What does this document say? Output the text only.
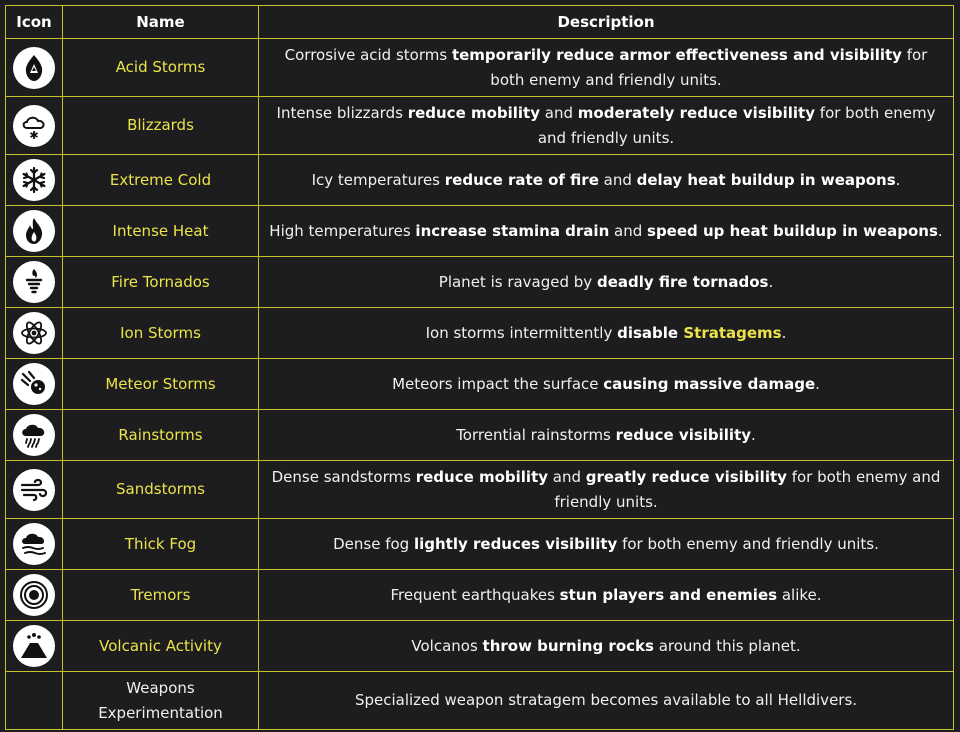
Icon	Name	Description

	Acid Storms	Corrosive acid storms temporarily reduce armor effectiveness and visibility for both enemy and friendly units.

	Blizzards	Intense blizzards reduce mobility and moderately reduce visibility for both enemy and friendly units.

	Extreme Cold	Icy temperatures reduce rate of fire and delay heat buildup in weapons.

	Intense Heat	High temperatures increase stamina drain and speed up heat buildup in weapons.

	Fire Tornados	Planet is ravaged by deadly fire tornados.

	Ion Storms	Ion storms intermittently disable Stratagems.

	Meteor Storms	Meteors impact the surface causing massive damage.

	Rainstorms	Torrential rainstorms reduce visibility.

	Sandstorms	Dense sandstorms reduce mobility and greatly reduce visibility for both enemy and friendly units.

	Thick Fog	Dense fog lightly reduces visibility for both enemy and friendly units.

	Tremors	Frequent earthquakes stun players and enemies alike.

	Volcanic Activity	Volcanos throw burning rocks around this planet.
	Weapons Experimentation	Specialized weapon stratagem becomes available to all Helldivers.
